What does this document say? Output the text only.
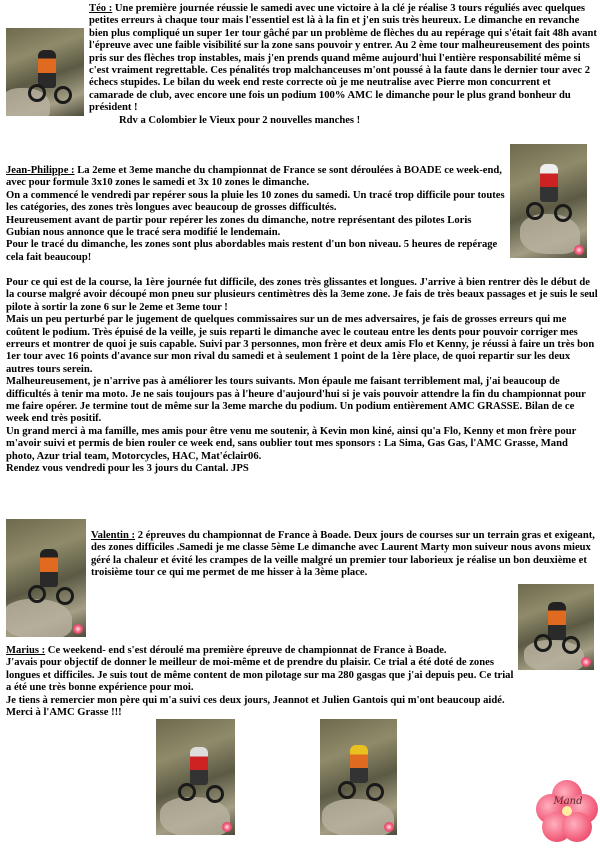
Téo : Une première journée réussie le samedi avec une victoire à la clé je réalise 3 tours réguliés avec quelques petites erreurs à chaque tour mais l'essentiel est là à la fin et j'en suis très heureux. Le dimanche en revanche bien plus compliqué un super 1er tour gâché par un problème de flèches du au repérage qui s'était fait 48h avant l'épreuve avec une faible visibilité sur la zone sans pouvoir y entrer. Au 2 ème tour malheureusement des points pris sur des flèches trop instables, mais j'en prends quand même aujourd'hui l'entière responsabilité même si c'est vraiment regrettable. Ces pénalités trop malchanceuses m'ont poussé à la faute dans le dernier tour avec 2 échecs stupides. Le bilan du week end reste correcte où je me neutralise avec Pierre mon concurrent et camarade de club, avec encore une fois un podium 100% AMC le dimanche pour le plus grand bonheur du président !

Rdv a Colombier le Vieux pour 2 nouvelles manches !

Jean-Philippe : La 2eme et 3eme manche du championnat de France se sont déroulées à BOADE ce week-end, avec pour formule 3x10 zones le samedi et 3x 10 zones le dimanche.

On a commencé le vendredi par repérer sous la pluie les 10 zones du samedi. Un tracé trop difficile pour toutes les catégories, des zones très longues avec beaucoup de grosses difficultés.

Heureusement avant de partir pour repérer les zones du dimanche, notre représentant des pilotes Loris Gubian nous annonce que le tracé sera modifié le lendemain.

Pour le tracé du dimanche, les zones sont plus abordables mais restent d'un bon niveau. 5 heures de repérage cela fait beaucoup!

Pour ce qui est de la course, la 1ère journée fut difficile, des zones très glissantes et longues. J'arrive à bien rentrer dès le début de la course malgré avoir découpé mon pneu sur plusieurs centimètres dès la 3eme zone. Je fais de très beaux passages et je suis le seul pilote à sortir la zone 6 sur le 2eme et 3eme tour !

Mais un peu perturbé par le jugement de quelques commissaires sur un de mes adversaires, je fais de grosses erreurs qui me coûtent le podium. Très épuisé de la veille, je suis reparti le dimanche avec le couteau entre les dents pour pouvoir corriger mes erreurs et montrer de quoi je suis capable. Suivi par 3 personnes, mon frère et deux amis Flo et Kenny, je réussi à faire un très bon 1er tour avec 16 points d'avance sur mon rival du samedi et à seulement 1 point de la 1ère place, de quoi repartir sur les deux autres tours serein.

Malheureusement, je n'arrive pas à améliorer les tours suivants. Mon épaule me faisant terriblement mal, j'ai beaucoup de difficultés à tenir ma moto. Je ne sais toujours pas à l'heure d'aujourd'hui si je vais pouvoir attendre la fin du championnat pour me faire opérer. Je termine tout de même sur la 3eme marche du podium. Un podium entièrement AMC GRASSE. Bilan de ce week end très positif.

Un grand merci à ma famille, mes amis pour être venu me soutenir, à Kevin mon kiné, ainsi qu'a Flo, Kenny et mon frère pour m'avoir suivi et permis de bien rouler ce week end, sans oublier tout mes sponsors : La Sima, Gas Gas, l'AMC Grasse, Mand photo, Azur trial team, Motorcycles, HAC, Mat'éclair06.

Rendez vous vendredi pour les 3 jours du Cantal. JPS

Valentin : 2 épreuves du championnat de France à Boade. Deux jours de courses sur un terrain gras et exigeant, des zones difficiles .Samedi je me classe 5ème Le dimanche avec Laurent Marty mon suiveur nous avons mieux géré la chaleur et évité les crampes de la veille malgré un premier tour laborieux je réalise un bon deuxième et troisième tour ce qui me permet de me hisser à la 3ème place.

Marius : Ce weekend- end s'est déroulé ma première épreuve de championnat de France à Boade.

J'avais pour objectif de donner le meilleur de moi-même et de prendre du plaisir. Ce trial a été doté de zones longues et difficiles. Je suis tout de même content de mon pilotage sur ma 280 gasgas que j'ai depuis peu. Ce trial a été une très bonne expérience pour moi.

Je tiens à remercier mon père qui m'a suivi ces deux jours, Jeannot et Julien Gantois qui m'ont beaucoup aidé.

Merci à l'AMC Grasse !!!

Mand
